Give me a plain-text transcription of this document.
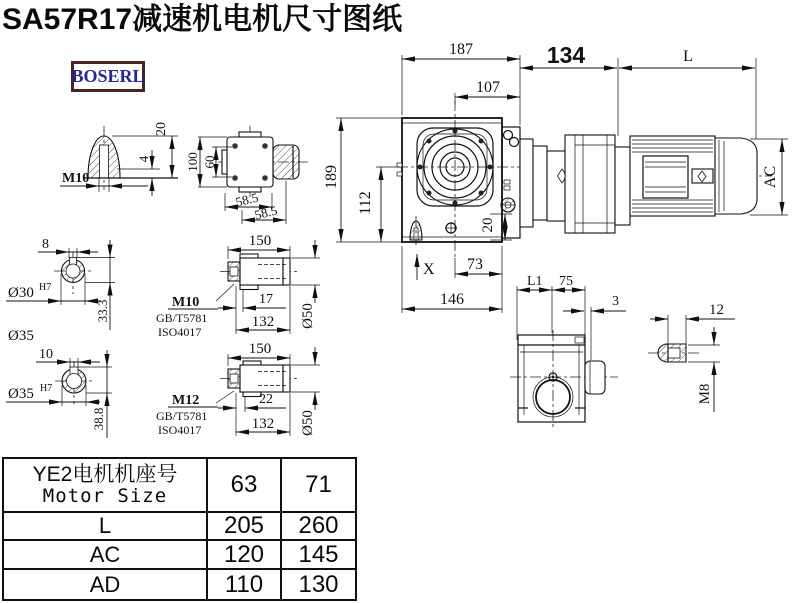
4
20
M10
100 60
58.5
58.5
8
Ø30 H7
33.3
Ø35
10
Ø35 H7
38.8
150
17
132 Ø50
M10
GB/T5781
ISO4017
150
22
132 Ø50
M12
GB/T5781
ISO4017
20
187
107
134	L
189
112
73
146
X
AC
L1 75
3
12
M8
SA57R17减速机电机尺寸图纸
BOSERL
YE2电机机座号
Motor Size	63	71
L	205	260
AC	120	145
AD	110	130
